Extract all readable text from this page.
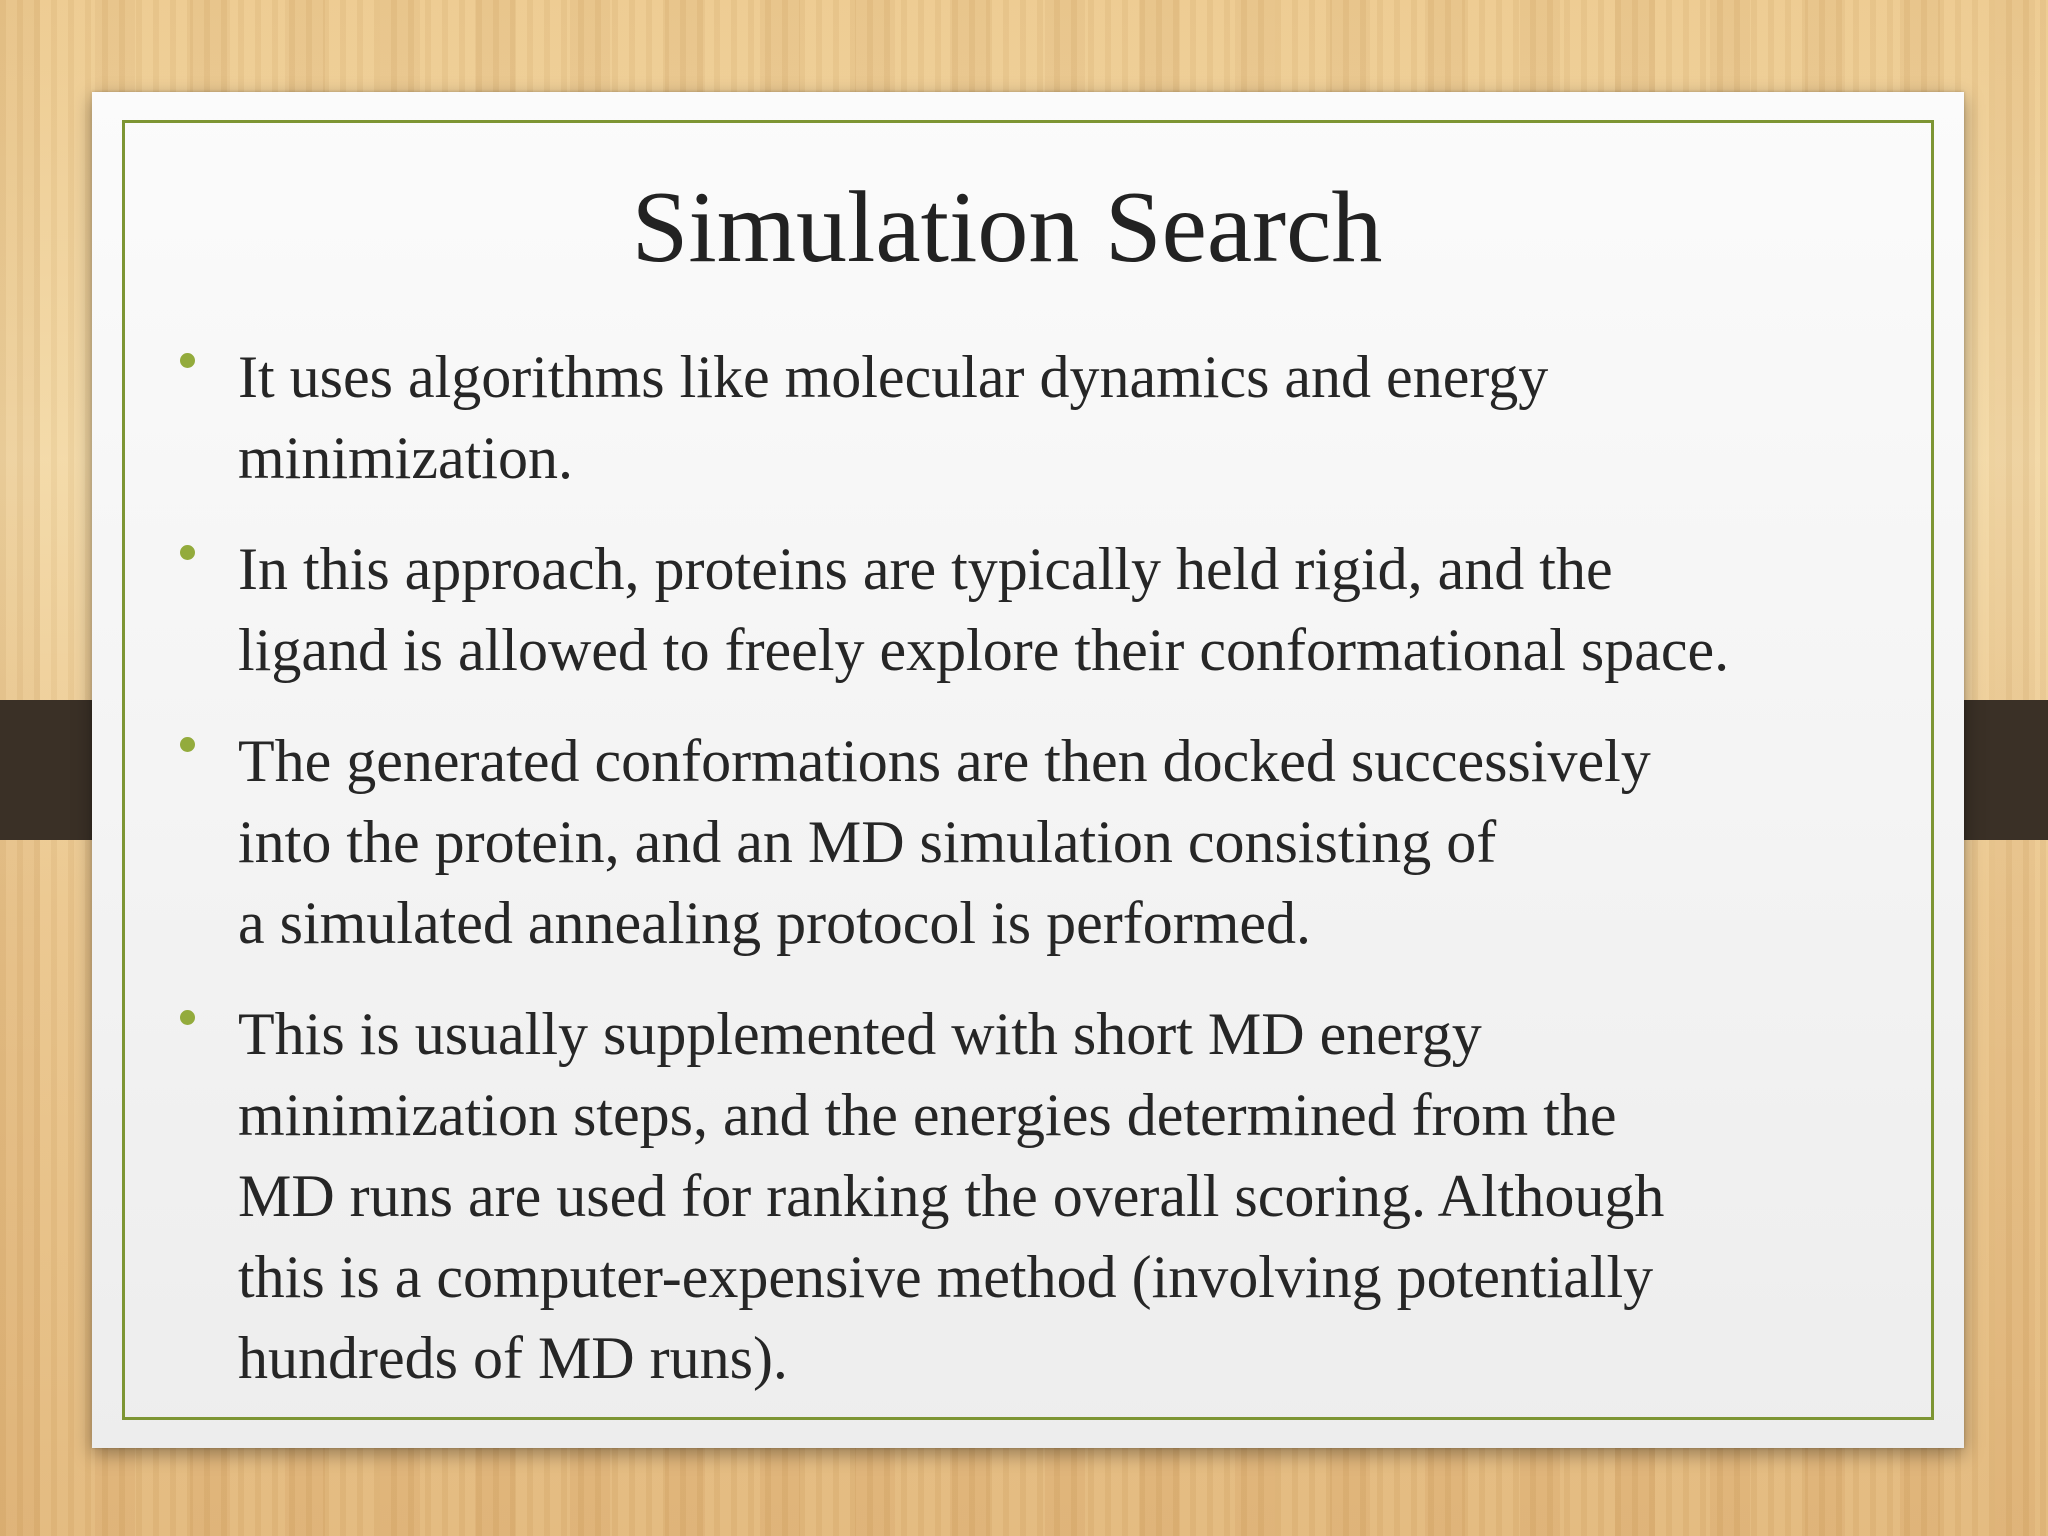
Simulation Search
It uses algorithms like molecular dynamics and energy
minimization.
In this approach, proteins are typically held rigid, and the
ligand is allowed to freely explore their conformational space.
The generated conformations are then docked successively
into the protein, and an MD simulation consisting of
a simulated annealing protocol is performed.
This is usually supplemented with short MD energy
minimization steps, and the energies determined from the
MD runs are used for ranking the overall scoring. Although
this is a computer-expensive method (involving potentially
hundreds of MD runs).
